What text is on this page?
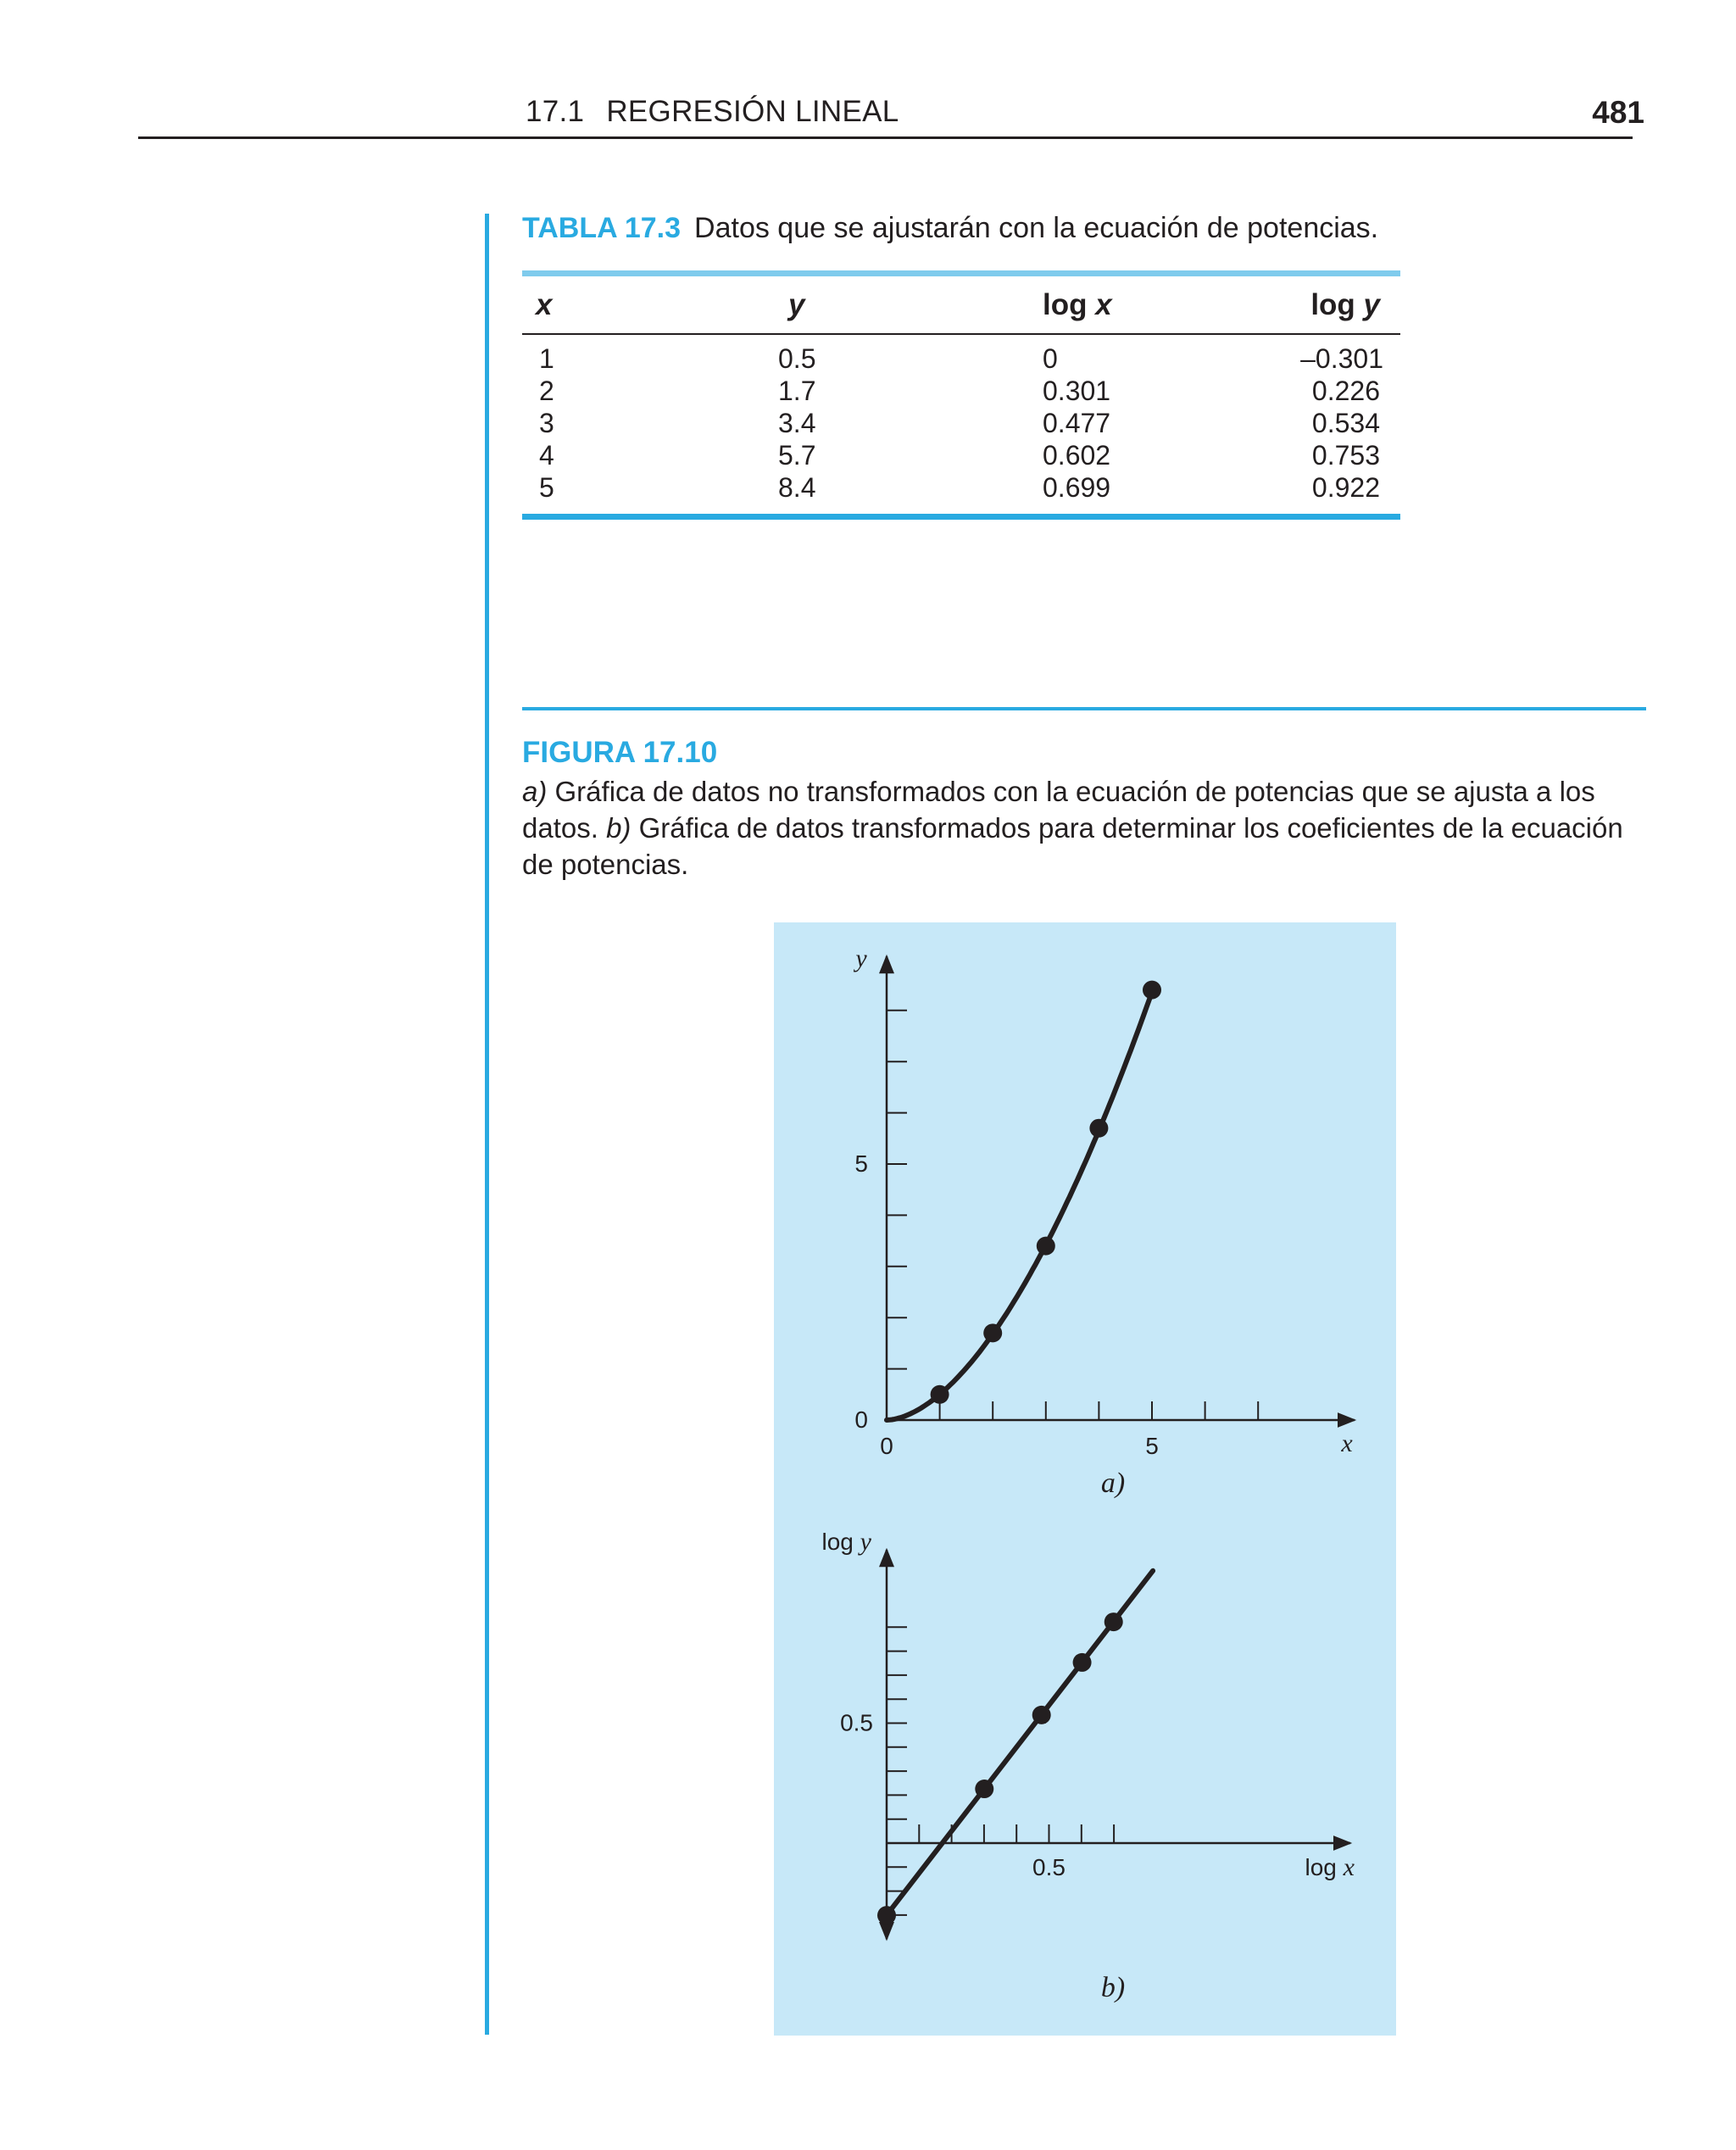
17.1 REGRESIÓN LINEAL	481
TABLA 17.3 Datos que se ajustarán con la ecuación de potencias.
x	y	log x	log y
1	0.5	0	–0.301
2	1.7	0.301	0.226
3	3.4	0.477	0.534
4	5.7	0.602	0.753
5	8.4	0.699	0.922
FIGURA 17.10
a) Gráfica de datos no transformados con la ecuación de potencias que se ajusta a los datos. b) Gráfica de datos transformados para determinar los coeficientes de la ecuación de potencias.
0
5
0	5
y
x
a)
0.5
0.5
log y
log x
b)
